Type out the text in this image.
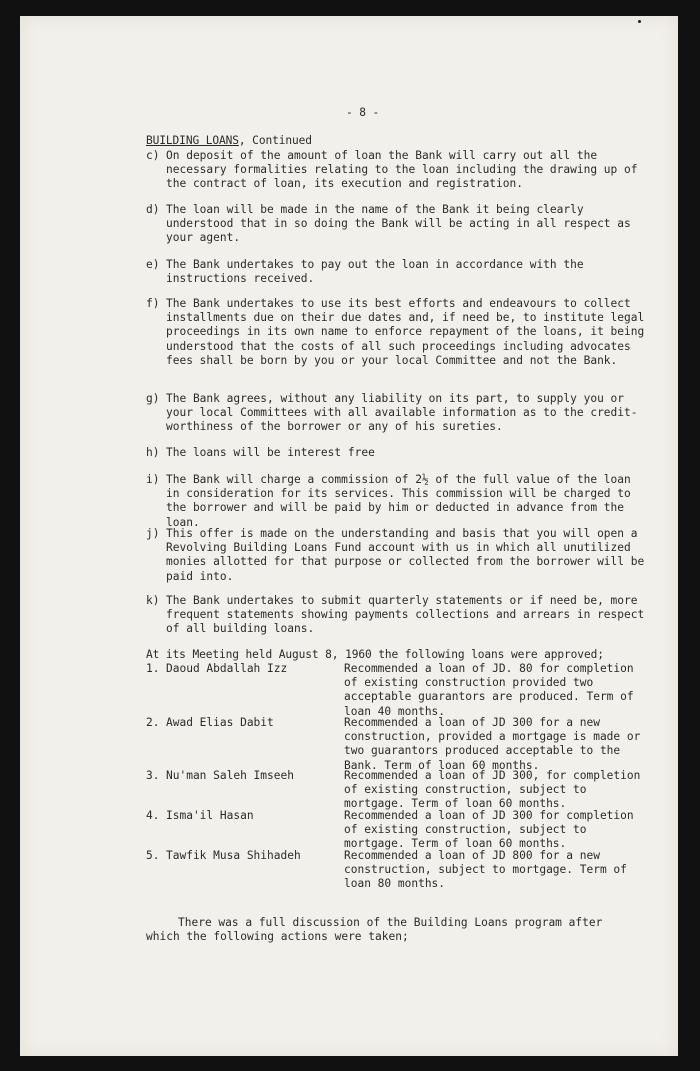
- 8 -
BUILDING LOANS, Continued
c) On deposit of the amount of loan the Bank will carry out all the necessary formalities relating to the loan including the drawing up of the contract of loan, its execution and registration.
d) The loan will be made in the name of the Bank it being clearly understood that in so doing the Bank will be acting in all respect as your agent.
e) The Bank undertakes to pay out the loan in accordance with the instructions received.
f) The Bank undertakes to use its best efforts and endeavours to collect installments due on their due dates and, if need be, to institute legal proceedings in its own name to enforce repayment of the loans, it being understood that the costs of all such proceedings including advocates fees shall be born by you or your local Committee and not the Bank.
g) The Bank agrees, without any liability on its part, to supply you or your local Committees with all available information as to the credit-worthiness of the borrower or any of his sureties.
h) The loans will be interest free
i) The Bank will charge a commission of 2½ of the full value of the loan in consideration for its services. This commission will be charged to the borrower and will be paid by him or deducted in advance from the loan.
j) This offer is made on the understanding and basis that you will open a Revolving Building Loans Fund account with us in which all unutilized monies allotted for that purpose or collected from the borrower will be paid into.
k) The Bank undertakes to submit quarterly statements or if need be, more frequent statements showing payments collections and arrears in respect of all building loans.
At its Meeting held August 8, 1960 the following loans were approved;
1. Daoud Abdallah Izz	Recommended a loan of JD. 80 for completion of existing construction provided two acceptable guarantors are produced. Term of loan 40 months.
2. Awad Elias Dabit	Recommended a loan of JD 300 for a new construction, provided a mortgage is made or two guarantors produced acceptable to the Bank. Term of loan 60 months.
3. Nu'man Saleh Imseeh	Recommended a loan of JD 300, for completion of existing construction, subject to mortgage. Term of loan 60 months.
4. Isma'il Hasan	Recommended a loan of JD 300 for completion of existing construction, subject to mortgage. Term of loan 60 months.
5. Tawfik Musa Shihadeh	Recommended a loan of JD 800 for a new construction, subject to mortgage. Term of loan 80 months.
There was a full discussion of the Building Loans program after which the following actions were taken;
